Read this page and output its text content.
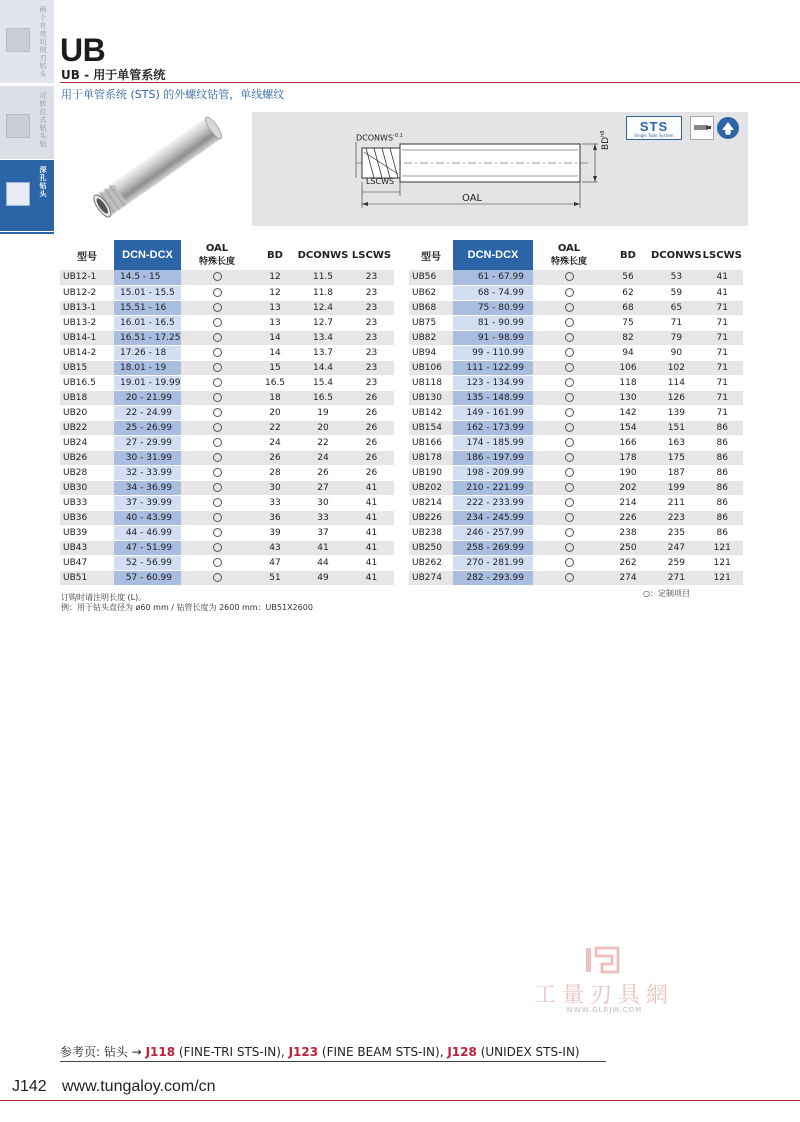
两个有效切削刃钻头
可转位式钻头钻
深孔钻头
UB
UB - 用于单管系统
用于单管系统 (STS) 的外螺纹钻管，单线螺纹
$DCONWS^{-0.1}$
LSCWS
OAL
$BD^{h8}$	STS
Single Tube System
型号	DCN-DCX	OAL
特殊长度	BD	DCONWS	LSCWS
UB12-1	14.5 - 15		12	11.5	23
UB12-2	15.01 - 15.5		12	11.8	23
UB13-1	15.51 - 16		13	12.4	23
UB13-2	16.01 - 16.5		13	12.7	23
UB14-1	16.51 - 17.25		14	13.4	23
UB14-2	17.26 - 18		14	13.7	23
UB15	18.01 - 19		15	14.4	23
UB16.5	19.01 - 19.99		16.5	15.4	23
UB18	20 - 21.99		18	16.5	26
UB20	22 - 24.99		20	19	26
UB22	25 - 26.99		22	20	26
UB24	27 - 29.99		24	22	26
UB26	30 - 31.99		26	24	26
UB28	32 - 33.99		28	26	26
UB30	34 - 36.99		30	27	41
UB33	37 - 39.99		33	30	41
UB36	40 - 43.99		36	33	41
UB39	44 - 46.99		39	37	41
UB43	47 - 51.99		43	41	41
UB47	52 - 56.99		47	44	41
UB51	57 - 60.99		51	49	41
型号	DCN-DCX	OAL
特殊长度	BD	DCONWS	LSCWS
UB56	61 - 67.99		56	53	41
UB62	68 - 74.99		62	59	41
UB68	75 - 80.99		68	65	71
UB75	81 - 90.99		75	71	71
UB82	91 - 98.99		82	79	71
UB94	99 - 110.99		94	90	71
UB106	111 - 122.99		106	102	71
UB118	123 - 134.99		118	114	71
UB130	135 - 148.99		130	126	71
UB142	149 - 161.99		142	139	71
UB154	162 - 173.99		154	151	86
UB166	174 - 185.99		166	163	86
UB178	186 - 197.99		178	175	86
UB190	198 - 209.99		190	187	86
UB202	210 - 221.99		202	199	86
UB214	222 - 233.99		214	211	86
UB226	234 - 245.99		226	223	86
UB238	246 - 257.99		238	235	86
UB250	258 - 269.99		250	247	121
UB262	270 - 281.99		262	259	121
UB274	282 - 293.99		274	271	121
○：定制项目
订购时请注明长度 (L)。
例：用于钻头直径为 ø60 mm / 钻管长度为 2600 mm：UB51X2600
工量刃具網
WWW.GLRJW.COM
参考页: 钻头 → J118 (FINE-TRI STS-IN), J123 (FINE BEAM STS-IN), J128 (UNIDEX STS-IN)
J142 www.tungaloy.com/cn
